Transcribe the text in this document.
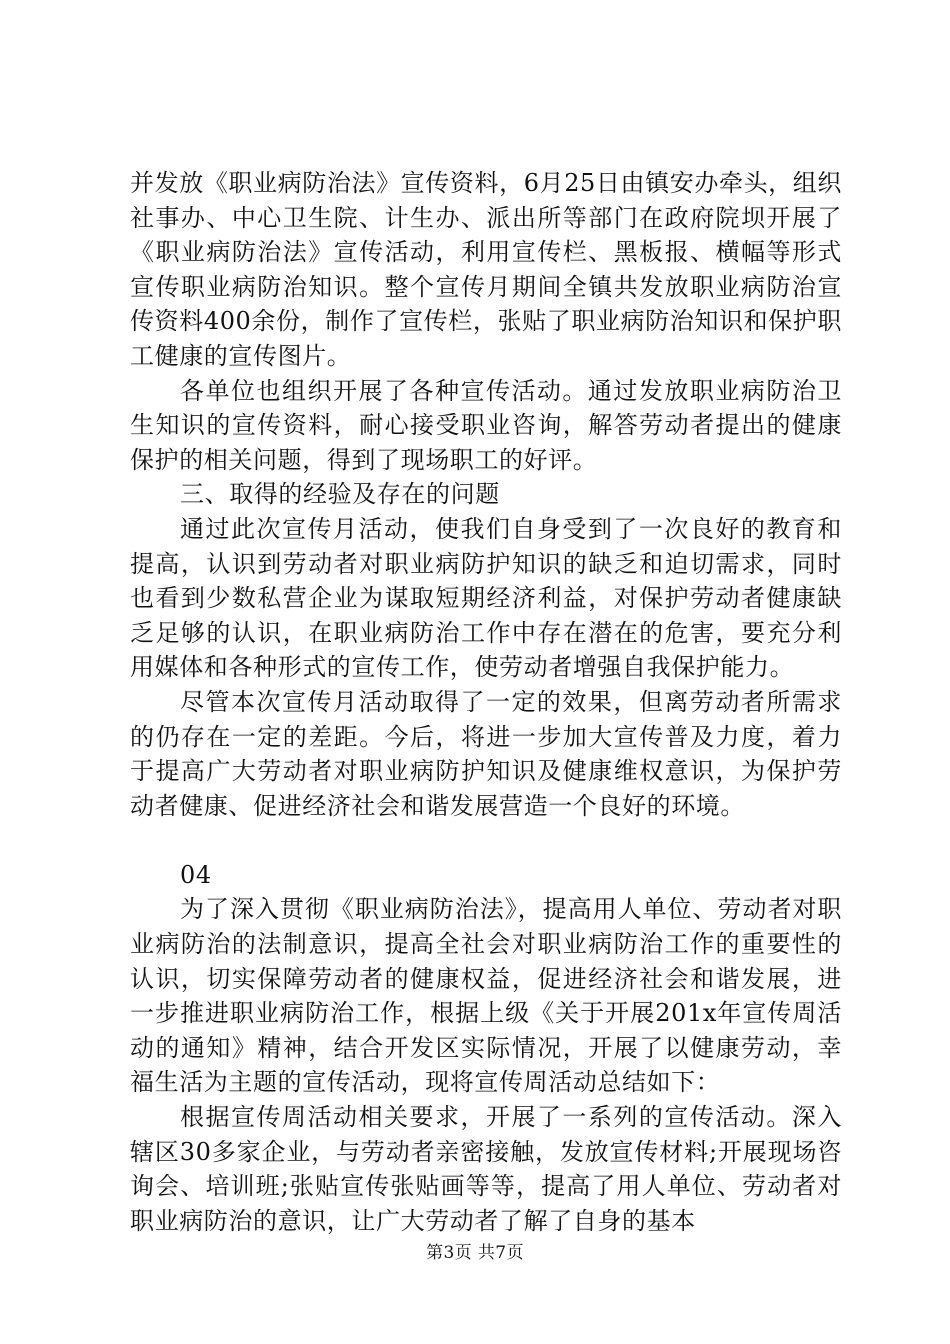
并发放《职业病防治法》宣传资料，6月25日由镇安办牵头，组织社事办、中心卫生院、计生办、派出所等部门在政府院坝开展了《职业病防治法》宣传活动，利用宣传栏、黑板报、横幅等形式宣传职业病防治知识。整个宣传月期间全镇共发放职业病防治宣传资料400余份，制作了宣传栏，张贴了职业病防治知识和保护职工健康的宣传图片。

各单位也组织开展了各种宣传活动。通过发放职业病防治卫生知识的宣传资料，耐心接受职业咨询，解答劳动者提出的健康保护的相关问题，得到了现场职工的好评。

三、取得的经验及存在的问题

通过此次宣传月活动，使我们自身受到了一次良好的教育和提高，认识到劳动者对职业病防护知识的缺乏和迫切需求，同时也看到少数私营企业为谋取短期经济利益，对保护劳动者健康缺乏足够的认识，在职业病防治工作中存在潜在的危害，要充分利用媒体和各种形式的宣传工作，使劳动者增强自我保护能力。

尽管本次宣传月活动取得了一定的效果，但离劳动者所需求的仍存在一定的差距。今后，将进一步加大宣传普及力度，着力于提高广大劳动者对职业病防护知识及健康维权意识，为保护劳动者健康、促进经济社会和谐发展营造一个良好的环境。

04

为了深入贯彻《职业病防治法》，提高用人单位、劳动者对职业病防治的法制意识，提高全社会对职业病防治工作的重要性的认识，切实保障劳动者的健康权益，促进经济社会和谐发展，进一步推进职业病防治工作，根据上级《关于开展201x年宣传周活动的通知》精神，结合开发区实际情况，开展了以健康劳动，幸福生活为主题的宣传活动，现将宣传周活动总结如下：

根据宣传周活动相关要求，开展了一系列的宣传活动。深入辖区30多家企业，与劳动者亲密接触，发放宣传材料;开展现场咨询会、培训班;张贴宣传张贴画等等，提高了用人单位、劳动者对职业病防治的意识，让广大劳动者了解了自身的基本

第3页 共7页
